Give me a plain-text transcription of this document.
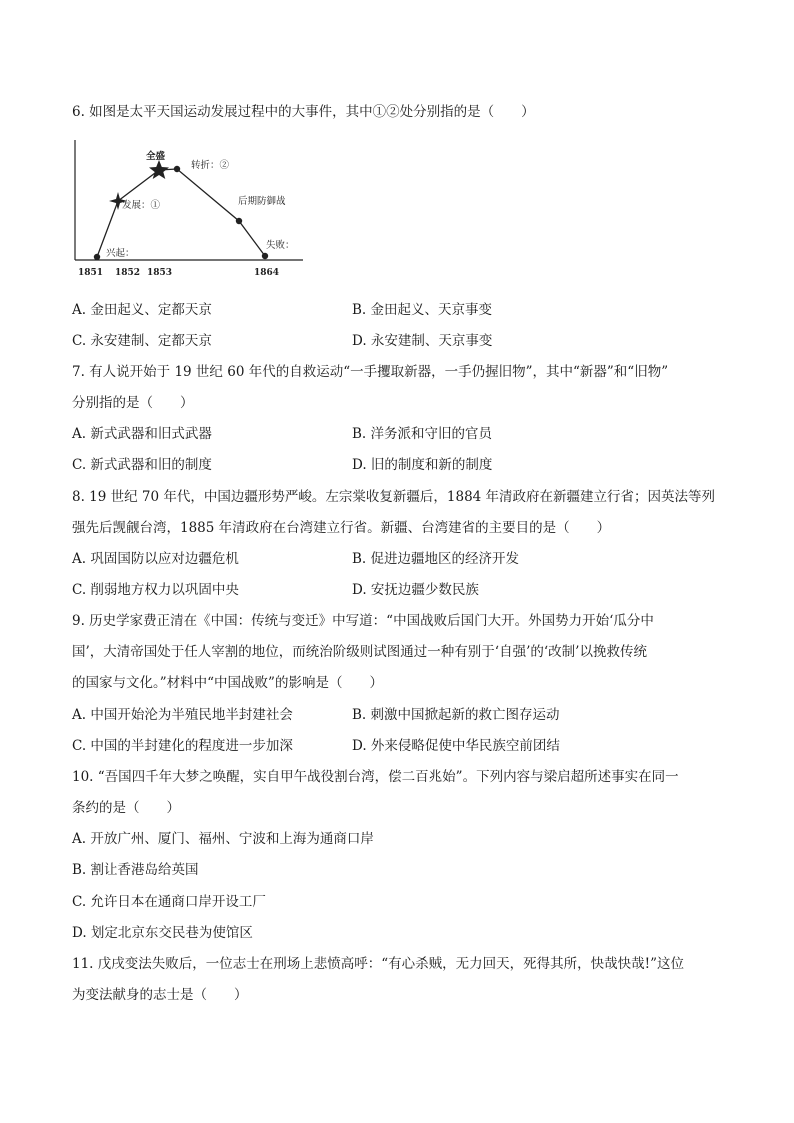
6. 如图是太平天国运动发展过程中的大事件，其中①②处分别指的是（　　）
兴起：
发展：①
全盛
转折：②
后期防御战
失败：
1851 1852 1853	1864
A. 金田起义、定都天京	B. 金田起义、天京事变
C. 永安建制、定都天京	D. 永安建制、天京事变
7. 有人说开始于 19 世纪 60 年代的自救运动“一手攫取新器，一手仍握旧物”，其中“新器”和“旧物”
分别指的是（　　）
A. 新式武器和旧式武器	B. 洋务派和守旧的官员
C. 新式武器和旧的制度	D. 旧的制度和新的制度
8. 19 世纪 70 年代，中国边疆形势严峻。左宗棠收复新疆后，1884 年清政府在新疆建立行省；因英法等列
强先后觊觎台湾，1885 年清政府在台湾建立行省。新疆、台湾建省的主要目的是（　　）
A. 巩固国防以应对边疆危机	B. 促进边疆地区的经济开发
C. 削弱地方权力以巩固中央	D. 安抚边疆少数民族
9. 历史学家费正清在《中国：传统与变迁》中写道：“中国战败后国门大开。外国势力开始‘瓜分中
国’，大清帝国处于任人宰割的地位，而统治阶级则试图通过一种有别于‘自强’的‘改制’以挽救传统
的国家与文化。”材料中“中国战败”的影响是（　　）
A. 中国开始沦为半殖民地半封建社会	B. 刺激中国掀起新的救亡图存运动
C. 中国的半封建化的程度进一步加深	D. 外来侵略促使中华民族空前团结
10. “吾国四千年大梦之唤醒，实自甲午战役割台湾，偿二百兆始”。下列内容与梁启超所述事实在同一
条约的是（　　）
A. 开放广州、厦门、福州、宁波和上海为通商口岸
B. 割让香港岛给英国
C. 允许日本在通商口岸开设工厂
D. 划定北京东交民巷为使馆区
11. 戊戌变法失败后，一位志士在刑场上悲愤高呼：“有心杀贼，无力回天，死得其所，快哉快哉!”这位
为变法献身的志士是（　　）
